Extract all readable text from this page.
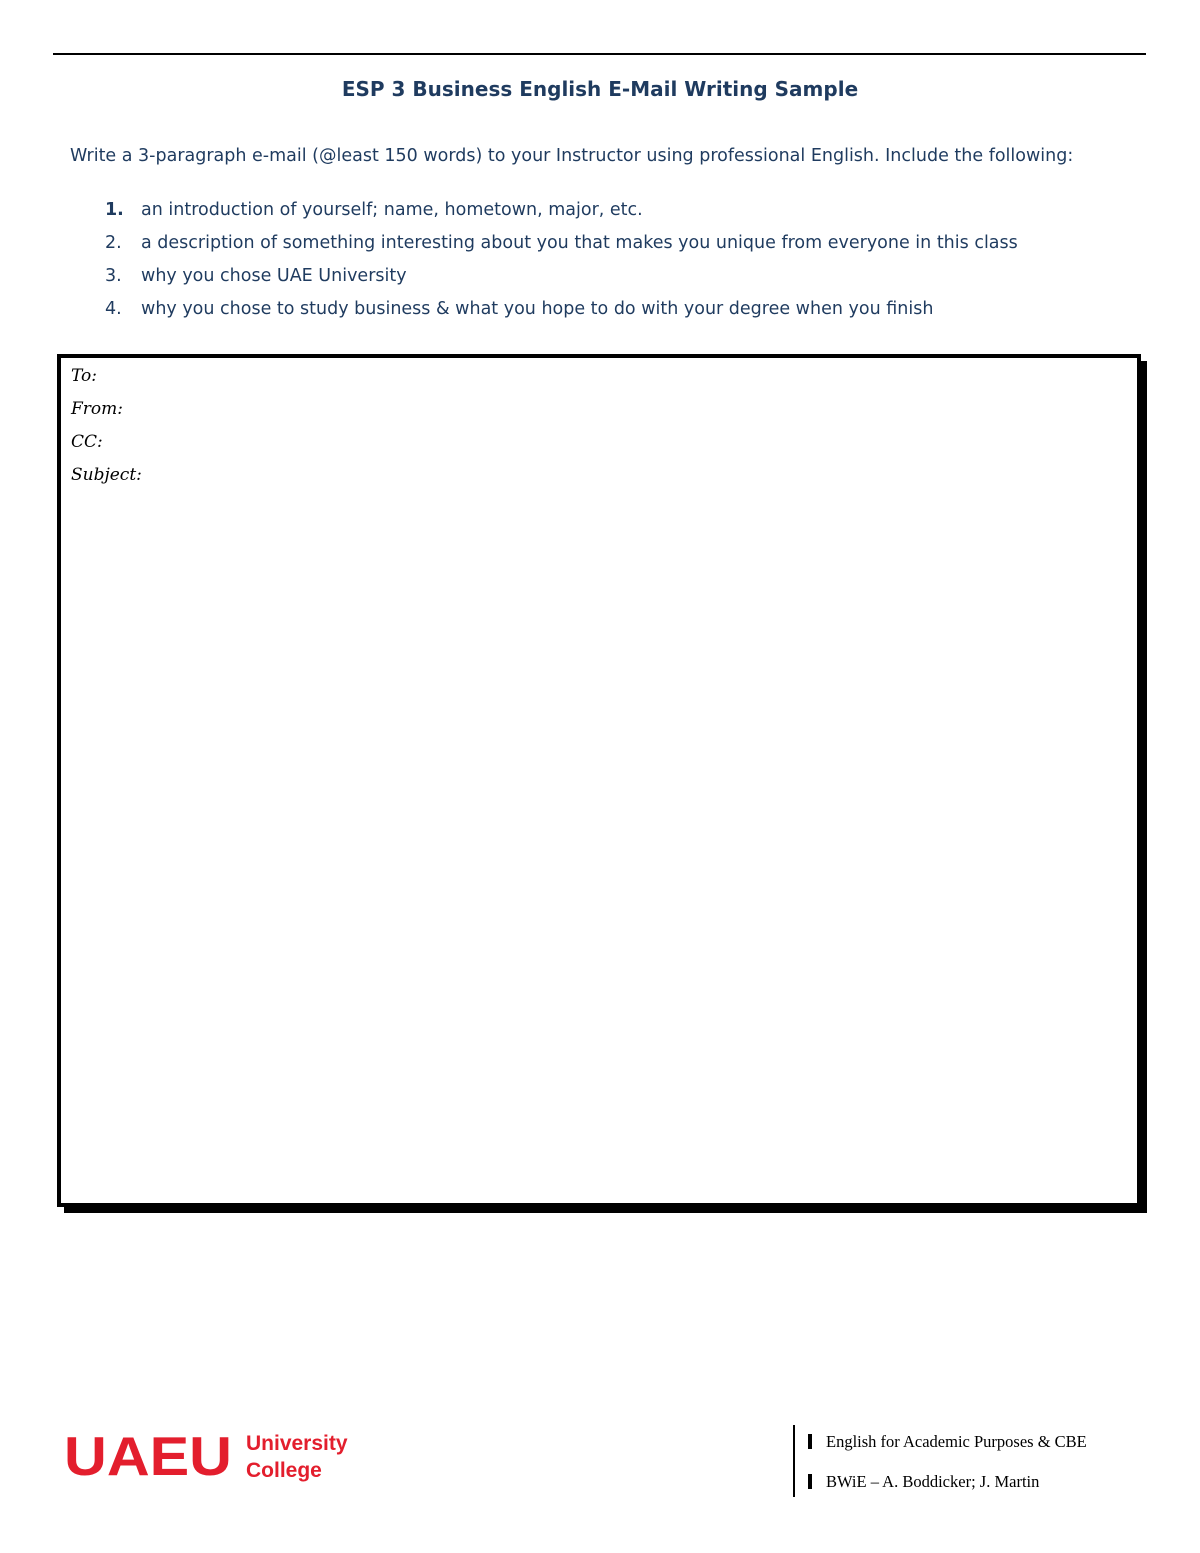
ESP 3 Business English E-Mail Writing Sample
Write a 3-paragraph e-mail (@least 150 words) to your Instructor using professional English. Include the following:
1. an introduction of yourself; name, hometown, major, etc.
2. a description of something interesting about you that makes you unique from everyone in this class
3. why you chose UAE University
4. why you chose to study business & what you hope to do with your degree when you finish
To:
From:
CC:
Subject:
UAEU University
College
English for Academic Purposes & CBE
BWiE – A. Boddicker; J. Martin
